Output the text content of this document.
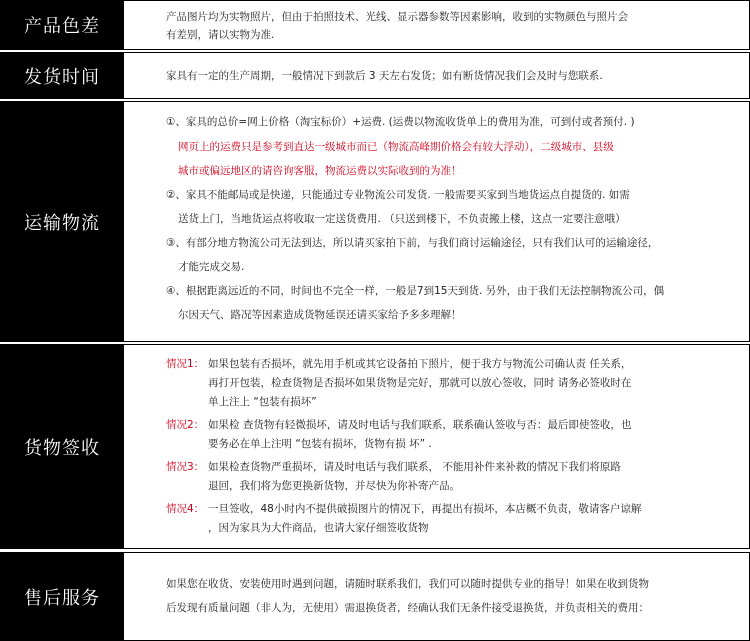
产品色差	产品图片均为实物照片，但由于拍照技术、光线、显示器参数等因素影响，收到的实物颜色与照片会
有差别，请以实物为准.
发货时间	家具有一定的生产周期，一般情况下到款后 3 天左右发货；如有断货情况我们会及时与您联系.
运输物流
①、家具的总价=网上价格（淘宝标价）+运费. (运费以物流收货单上的费用为准，可到付或者预付. )
网页上的运费只是参考到直达一级城市而已（物流高峰期价格会有较大浮动），二级城市、县级
城市或偏远地区的请咨询客服，物流运费以实际收到的为准！
②、家具不能邮局或是快递，只能通过专业物流公司发货. 一般需要买家到当地货运点自提货的. 如需
送货上门，当地货运点将收取一定送货费用. （只送到楼下，不负责搬上楼，这点一定要注意哦）
③、有部分地方物流公司无法到达，所以请买家拍下前，与我们商讨运输途径，只有我们认可的运输途径，
才能完成交易.
④、根据距离远近的不同，时间也不完全一样，一般是7到15天到货. 另外，由于我们无法控制物流公司，偶
尔因天气、路况等因素造成货物延误还请买家给予多多理解！
货物签收
情况1： 如果包装有否损坏，就先用手机或其它设备拍下照片，便于我方与物流公司确认责 任关系，
再打开包装，检查货物是否损坏如果货物是完好，那就可以放心签收，同时 请务必签收时在
单上注上 “包装有损坏”
情况2： 如果检 查货物有轻微损坏，请及时电话与我们联系，联系确认签收与否：最后即使签收，也
要务必在单上注明 “包装有损坏，货物有损 坏” .
情况3： 如果检查货物严重损坏，请及时电话与我们联系， 不能用补件来补救的情况下我们将原路
退回，我们将为您更换新货物，并尽快为你补寄产品。
情况4： 一旦签收，48小时内不提供破损图片的情况下，再提出有损坏，本店概不负责，敬请客户谅解
，因为家具为大件商品，也请大家仔细签收货物
售后服务
如果您在收货、安装使用时遇到问题，请随时联系我们，我们可以随时提供专业的指导！如果在收到货物
后发现有质量问题（非人为，无使用）需退换货者，经确认我们无条件接受退换货，并负责相关的费用：
